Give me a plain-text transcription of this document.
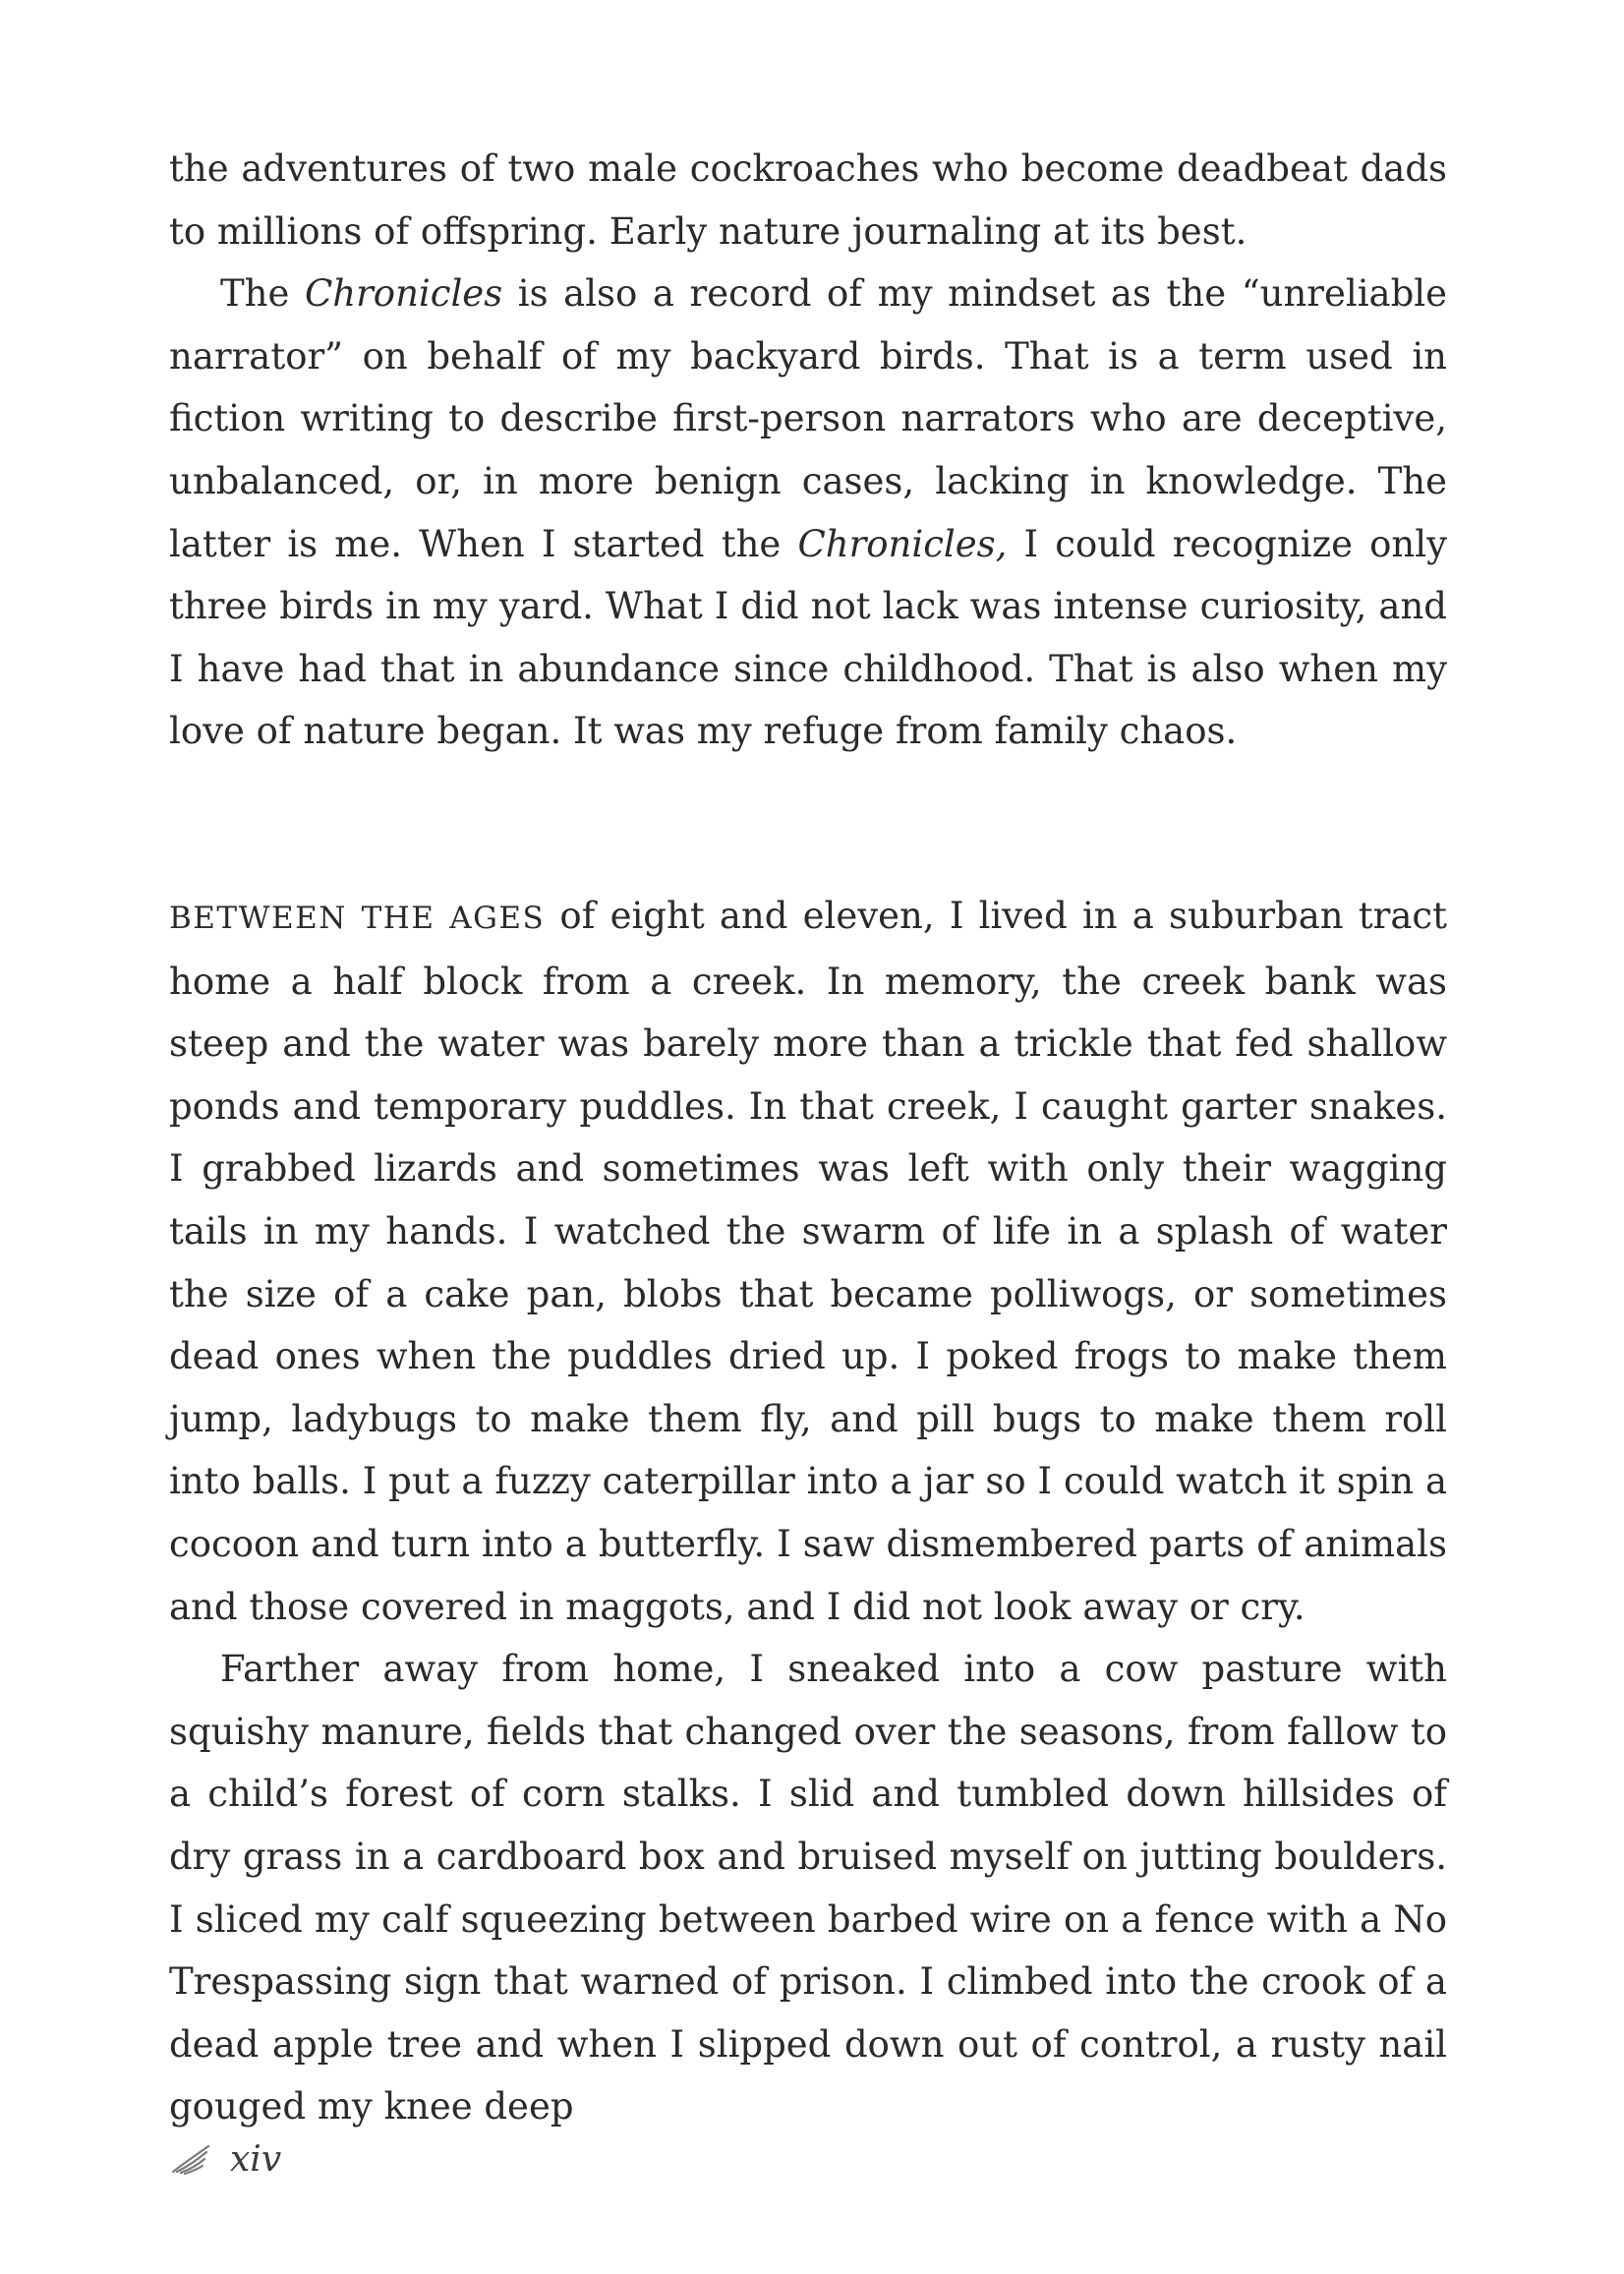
the adventures of two male cockroaches who become deadbeat dads to millions of offspring. Early nature journaling at its best.

The Chronicles is also a record of my mindset as the “unreliable narrator” on behalf of my backyard birds. That is a term used in fiction writing to describe first-person narrators who are deceptive, unbalanced, or, in more benign cases, lacking in knowledge. The latter is me. When I started the Chronicles, I could recognize only three birds in my yard. What I did not lack was intense curiosity, and I have had that in abundance since childhood. That is also when my love of nature began. It was my refuge from family chaos.

BETWEEN THE AGES of eight and eleven, I lived in a suburban tract home a half block from a creek. In memory, the creek bank was steep and the water was barely more than a trickle that fed shallow ponds and temporary puddles. In that creek, I caught garter snakes. I grabbed lizards and sometimes was left with only their wagging tails in my hands. I watched the swarm of life in a splash of water the size of a cake pan, blobs that became polliwogs, or sometimes dead ones when the puddles dried up. I poked frogs to make them jump, ladybugs to make them fly, and pill bugs to make them roll into balls. I put a fuzzy caterpillar into a jar so I could watch it spin a cocoon and turn into a butterfly. I saw dismembered parts of animals and those covered in maggots, and I did not look away or cry.

Farther away from home, I sneaked into a cow pasture with squishy manure, fields that changed over the seasons, from fallow to a child’s forest of corn stalks. I slid and tumbled down hillsides of dry grass in a cardboard box and bruised myself on jutting boulders. I sliced my calf squeezing between barbed wire on a fence with a No Trespassing sign that warned of prison. I climbed into the crook of a dead apple tree and when I slipped down out of control, a rusty nail gouged my knee deep

xiv
